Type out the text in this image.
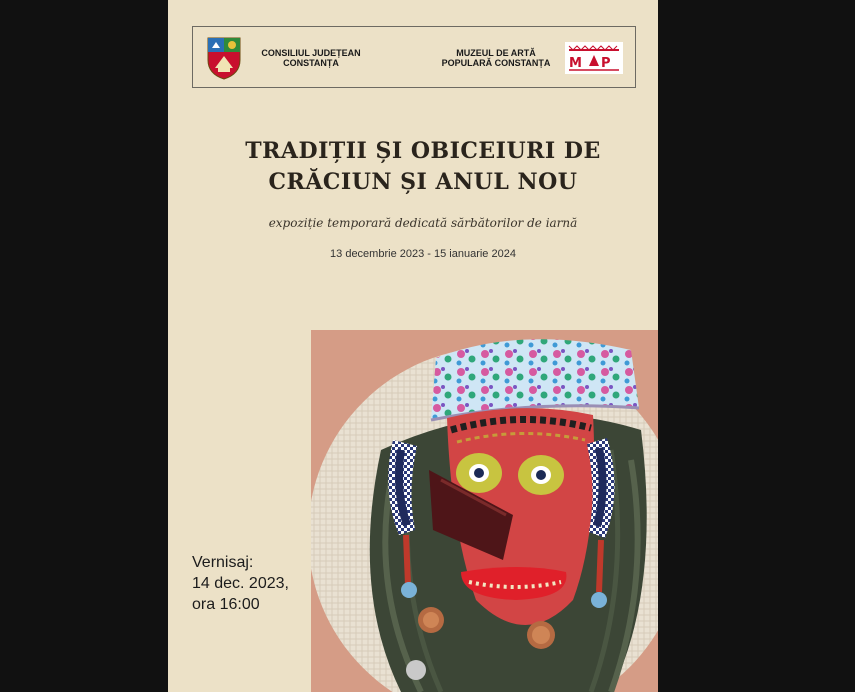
CONSILIUL JUDEȚEAN
CONSTANȚA
MUZEUL DE ARTĂ
POPULARĂ CONSTANȚA	M P
TRADIȚII ȘI OBICEIURI DE
CRĂCIUN ȘI ANUL NOU
expoziție temporară dedicată sărbătorilor de iarnă
13 decembrie 2023 - 15 ianuarie 2024
Vernisaj:
14 dec. 2023,
ora 16:00
